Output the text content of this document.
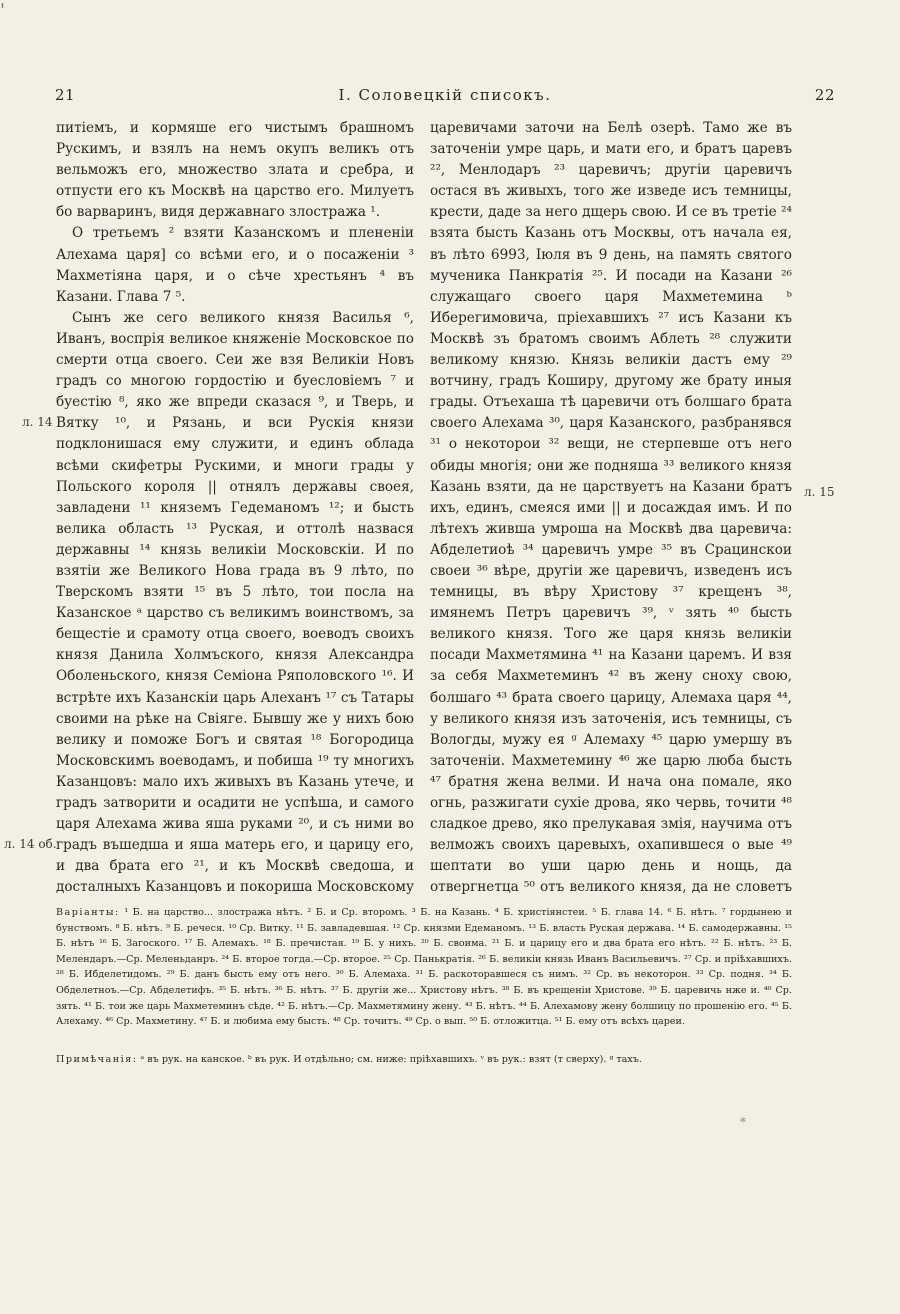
'
21	I. Соловецкій списокъ.	22

питіемъ, и кормяше его чистымъ брашномъ Рускимъ, и взялъ на немъ окупъ великъ отъ вельможъ его, множество злата и сребра, и отпусти его къ Москвѣ на царство его. Милуетъ бо варваринъ, видя державнаго злостража ¹.

О третьемъ ² взяти Казанскомъ и плененіи Алехама царя] со всѣми его, и о посаженiи ³ Махметіяна царя, и о сѣче хрестьянъ ⁴ въ Казани. Глава 7 ⁵.

Сынъ же сего великого князя Василья ⁶, Иванъ, воспрія великое княженіе Московское по смерти отца своего. Сеи же взя Великіи Новъ градъ со многою гордостію и буесловіемъ ⁷ и буестію ⁸, яко же впреди сказася ⁹, и Тверь, и Вятку ¹⁰, и Рязань, и вси Рускія князи подклонишася ему служити, и единъ облада всѣми скифетры Рускими, и многи грады у Польского короля || отнялъ державы своея, завладени ¹¹ княземъ Гедеманомъ ¹²; и бысть велика область ¹³ Руская, и оттолѣ назвася державны ¹⁴ князь великіи Московскiи. И по взятiи же Великого Нова града въ 9 лѣто, по Тверскомъ взяти ¹⁵ въ 5 лѣто, тои посла на Казанское ᵃ царство съ великимъ воинствомъ, за бещестіе и срамоту отца своего, воеводъ своихъ князя Данила Холмъского, князя Александра Оболеньского, князя Семіона Ряполовского ¹⁶. И встрѣте ихъ Казанскiи царь Алеханъ ¹⁷ съ Татары своими на рѣке на Свіяге. Бывшу же у нихъ бою велику и поможе Богъ и святая ¹⁸ Богородица Московскимъ воеводамъ, и побиша ¹⁹ ту многихъ Казанцовъ: мало ихъ живыхъ въ Казань утече, и градъ затворити и осадити не успѣша, и самого царя Алехама жива яша руками ²⁰, и съ ними во градъ въшедша и яша матерь его, и царицу его, и два брата его ²¹, и къ Москвѣ сведоша, и досталныхъ Казанцовъ и покориша Московскому

царевичами заточи на Белѣ озерѣ. Тамо же въ заточеніи умре царь, и мати его, и братъ царевъ ²², Менлодаръ ²³ царевичъ; другіи царевичъ остася въ живыхъ, того же изведе исъ темницы, крести, даде за него дщерь свою. И се въ третіе ²⁴ взята бысть Казань отъ Москвы, отъ начала ея, въ лѣто 6993, Іюля въ 9 день, на память святого мученика Панкратія ²⁵. И посади на Казани ²⁶ служащаго своего царя Махметемина ᵇ Иберегимовича, пріехавшихъ ²⁷ исъ Казани къ Москвѣ зъ братомъ своимъ Аблеть ²⁸ служити великому князю. Князь великіи дастъ ему ²⁹ вотчину, градъ Коширу, другому же брату иныя грады. Отъехаша тѣ царевичи отъ болшаго брата своего Алехама ³⁰, царя Казанского, разбранявся ³¹ о некоторои ³² вещи, не стерпевше отъ него обиды многія; они же подняша ³³ великого князя Казань взяти, да не царствуетъ на Казани братъ ихъ, единъ, смеяся ими || и досаждая имъ. И по лѣтехъ живша умроша на Москвѣ два царевича: Абделетиоѣ ³⁴ царевичъ умре ³⁵ въ Срацинскои своеи ³⁶ вѣре, другіи же царевичъ, изведенъ исъ темницы, въ вѣру Христову ³⁷ крещенъ ³⁸, имянемъ Петръ царевичъ ³⁹, ᵛ зять ⁴⁰ бысть великого князя. Того же царя князь великіи посади Махметямина ⁴¹ на Казани царемъ. И взя за себя Махметеминъ ⁴² въ жену сноху свою, болшаго ⁴³ брата своего царицу, Алемаха царя ⁴⁴, у великого князя изъ заточенія, исъ темницы, съ Вологды, мужу ея ᵍ Алемаху ⁴⁵ царю умершу въ заточеніи. Махметемину ⁴⁶ же царю люба бысть ⁴⁷ братня жена велми. И нача она помале, яко огнь, разжигати сухіе дрова, яко червь, точити ⁴⁸ сладкое древо, яко прелукавая змія, научима отъ велможъ своихъ царевыхъ, охапившеся о вые ⁴⁹ шептати во уши царю день и нощь, да отвергнетца ⁵⁰ отъ великого князя, да не словетъ

л. 14
л. 14 об.
л. 15
Варіанты: ¹ Б. на царство... злостража нѣтъ. ² Б. и Ср. второмъ. ³ Б. на Казань. ⁴ Б. христіянстеи. ⁵ Б. глава 14. ⁶ Б. нѣтъ. ⁷ гордынею и бунствомъ. ⁸ Б. нѣтъ. ⁹ Б. речеся. ¹⁰ Ср. Витку. ¹¹ Б. завладевшая. ¹² Ср. князми Едеманомъ. ¹³ Б. власть Руская держава. ¹⁴ Б. самодержавны. ¹⁵ Б. нѣтъ ¹⁶ Б. Загоского. ¹⁷ Б. Алемахъ. ¹⁸ Б. пречистая. ¹⁹ Б. у нихъ. ²⁰ Б. своима. ²¹ Б. и царицу его и два брата его нѣтъ. ²² Б. нѣтъ. ²³ Б. Мелендаръ.—Ср. Меленьданръ. ²⁴ Б. второе тогда.—Ср. второе. ²⁵ Ср. Панькратія. ²⁶ Б. великіи князь Иванъ Васильевичъ. ²⁷ Ср. и пріѣхавшихъ. ²⁸ Б. Ибделетидомъ. ²⁹ Б. данъ бысть ему отъ него. ³⁰ Б. Алемаха. ³¹ Б. раскоторавшеся съ нимъ. ³² Ср. въ некоторон. ³³ Ср. подня. ³⁴ Б. Обделетноъ.—Ср. Абделетифъ. ³⁵ Б. нѣтъ. ³⁶ Б. нѣтъ. ³⁷ Б. другіи же... Христову нѣтъ. ³⁸ Б. въ крещеніи Христове. ³⁹ Б. царевичь нже и. ⁴⁰ Ср. зять. ⁴¹ Б. тои же царь Махметеминъ сѣде. ⁴² Б. нѣтъ.—Ср. Махметямину жену. ⁴³ Б. нѣтъ. ⁴⁴ Б. Алехамову жену болшицу по прошенію его. ⁴⁵ Б. Алехаму. ⁴⁶ Ср. Махметину. ⁴⁷ Б. и любима ему бысть. ⁴⁸ Ср. точитъ. ⁴⁹ Ср. о вып. ⁵⁰ Б. отложитца. ⁵¹ Б. ему отъ всѣхъ цареи.
Примѣчанія: ᵃ въ рук. на канское. ᵇ въ рук. И отдѣльно; см. ниже: пріѣхавшихъ. ᵛ въ рук.: взят (т сверху). ᵍ тахъ.
*
